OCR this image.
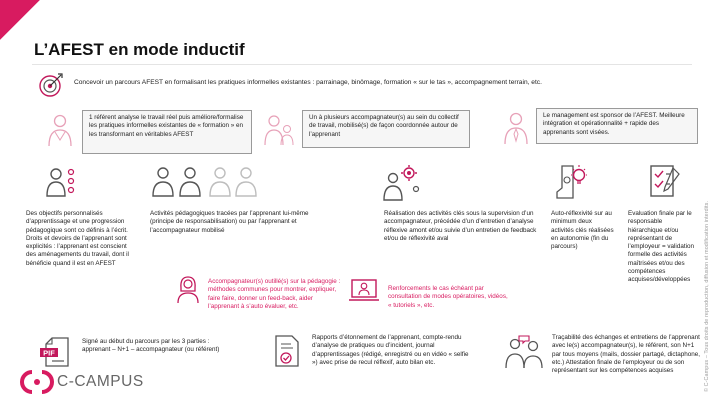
L’AFEST en mode inductif
Concevoir un parcours AFEST en formalisant les pratiques informelles existantes : parrainage, binômage, formation « sur le tas », accompagnement terrain, etc.
1 référent analyse le travail réel puis améliore/formalise les pratiques informelles existantes de « formation » en les transformant en véritables AFEST
Un à plusieurs accompagnateur(s) au sein du collectif de travail, mobilisé(s) de façon coordonnée autour de l’apprenant
Le management est sponsor de l’AFEST. Meilleure intégration et opérationnalité + rapide des apprenants sont visées.
Des objectifs personnalisés d’apprentissage et une progression pédagogique sont co définis à l’écrit. Droits et devoirs de l’apprenant sont explicités : l’apprenant est conscient des aménagements du travail, dont il bénéficie quand il est en AFEST
Activités pédagogiques tracées par l’apprenant lui-même (principe de responsabilisation) ou par l’apprenant et l’accompagnateur mobilisé
Réalisation des activités clés sous la supervision d’un accompagnateur, précédée d’un d’entretien d’analyse réflexive amont et/ou suivie d’un entretien de feedback et/ou de réflexivité aval
Auto-réflexivité sur au minimum deux activités clés réalisées en autonomie (fin du parcours)
Evaluation finale par le responsable hiérarchique et/ou représentant de l’employeur = validation formelle des activités maîtrisées et/ou des compétences acquises/développées
Accompagnateur(s) outillé(s) sur la pédagogie : méthodes communes pour montrer, expliquer, faire faire, donner un feed-back, aider l’apprenant à s’auto évaluer, etc.
Renforcements le cas échéant par consultation de modes opératoires, vidéos, « tutoriels », etc.
PIF
Signé au début du parcours par les 3 parties : apprenant – N+1 – accompagnateur (ou référent)
Rapports d’étonnement de l’apprenant, compte-rendu d’analyse de pratiques ou d’incident, journal d’apprentissages (rédigé, enregistré ou en vidéo « selfie ») avec prise de recul réflexif, auto bilan etc.
Traçabilité des échanges et entretiens de l’apprenant avec le(s) accompagnateur(s), le référent, son N+1 par tous moyens (mails, dossier partagé, dictaphone, etc.) Attestation finale de l’employeur ou de son représentant sur les compétences acquises
C-CAMPUS	© C-Campus – Tous droits de reproduction, diffusion et modification interdits.
